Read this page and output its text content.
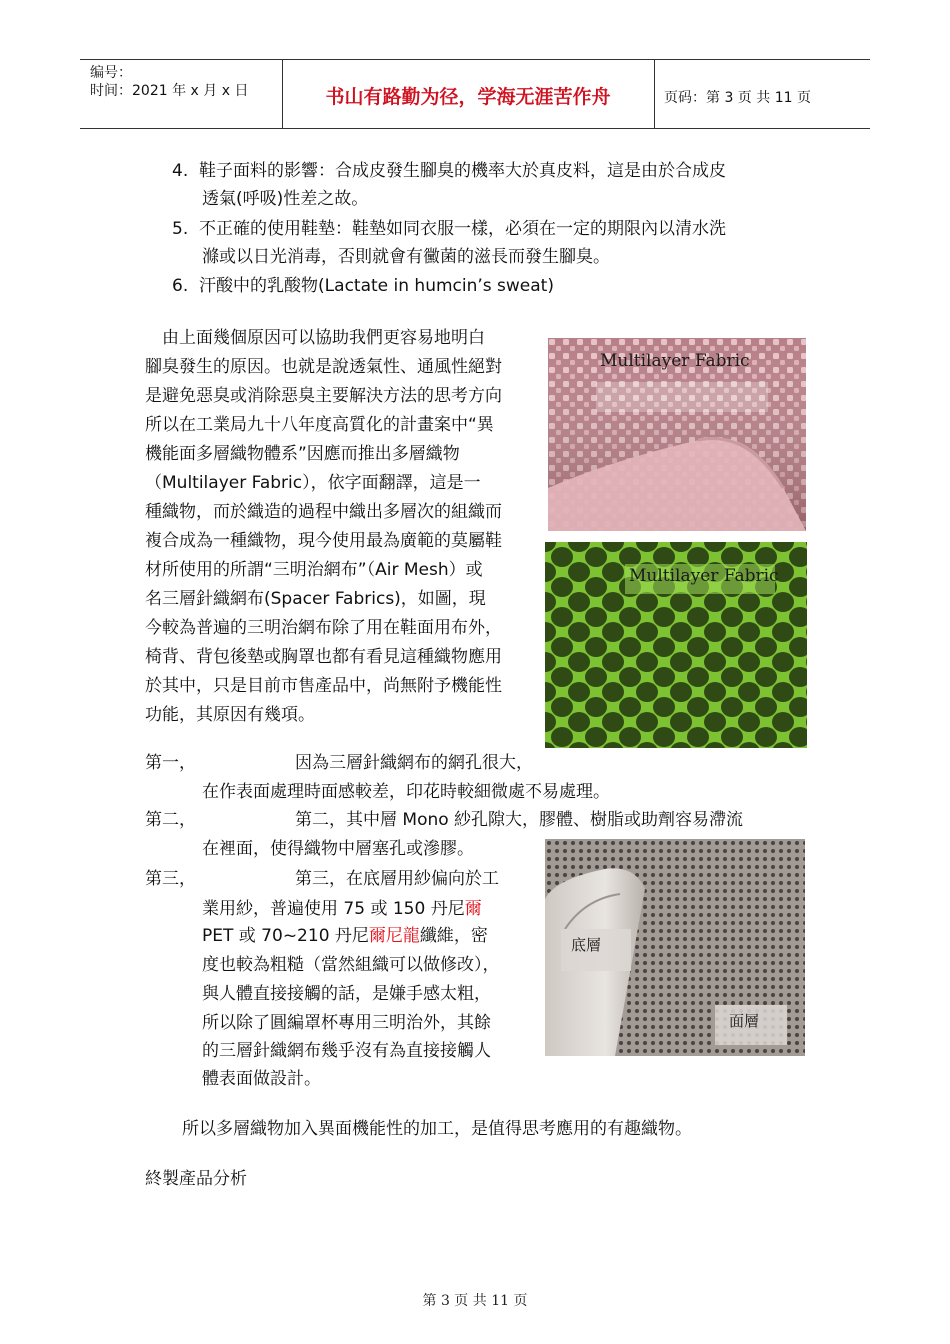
编号：
时间：2021 年 x 月 x 日	书山有路勤为径，学海无涯苦作舟	页码：第 3 页 共 11 页
4. 鞋子面料的影響：合成皮發生腳臭的機率大於真皮料，這是由於合成皮
透氣(呼吸)性差之故。
5. 不正確的使用鞋墊：鞋墊如同衣服一樣，必須在一定的期限內以清水洗
滌或以日光消毒，否則就會有黴菌的滋長而發生腳臭。
6. 汗酸中的乳酸物(Lactate in humcin’s sweat)
　由上面幾個原因可以協助我們更容易地明白
腳臭發生的原因。也就是說透氣性、通風性絕對
是避免惡臭或消除惡臭主要解決方法的思考方向
所以在工業局九十八年度高質化的計畫案中“異
機能面多層織物體系”因應而推出多層織物
（Multilayer Fabric），依字面翻譯，這是一
種織物，而於織造的過程中織出多層次的組織而
複合成為一種織物，現今使用最為廣範的莫屬鞋
材所使用的所謂“三明治網布”（Air Mesh）或
名三層針織網布(Spacer Fabrics)，如圖，現
今較為普遍的三明治網布除了用在鞋面用布外，
椅背、背包後墊或胸罩也都有看見這種織物應用
於其中，只是目前市售產品中，尚無附予機能性
功能，其原因有幾項。
Multilayer Fabric
Multilayer Fabric
底層
面層
第一，	因為三層針織網布的網孔很大，
在作表面處理時面感較差，印花時較細微處不易處理。
第二，	第二，其中層 Mono 紗孔隙大，膠體、樹脂或助劑容易滯流
在裡面，使得織物中層塞孔或滲膠。
第三，	第三，在底層用紗偏向於工
業用紗，普遍使用 75 或 150 丹尼爾
PET 或 70~210 丹尼爾尼龍纖維，密
度也較為粗糙（當然組織可以做修改），
與人體直接接觸的話，是嫌手感太粗，
所以除了圓編罩杯專用三明治外，其餘
的三層針織網布幾乎沒有為直接接觸人
體表面做設計。
所以多層織物加入異面機能性的加工，是值得思考應用的有趣織物。
終製產品分析
第 3 页 共 11 页
